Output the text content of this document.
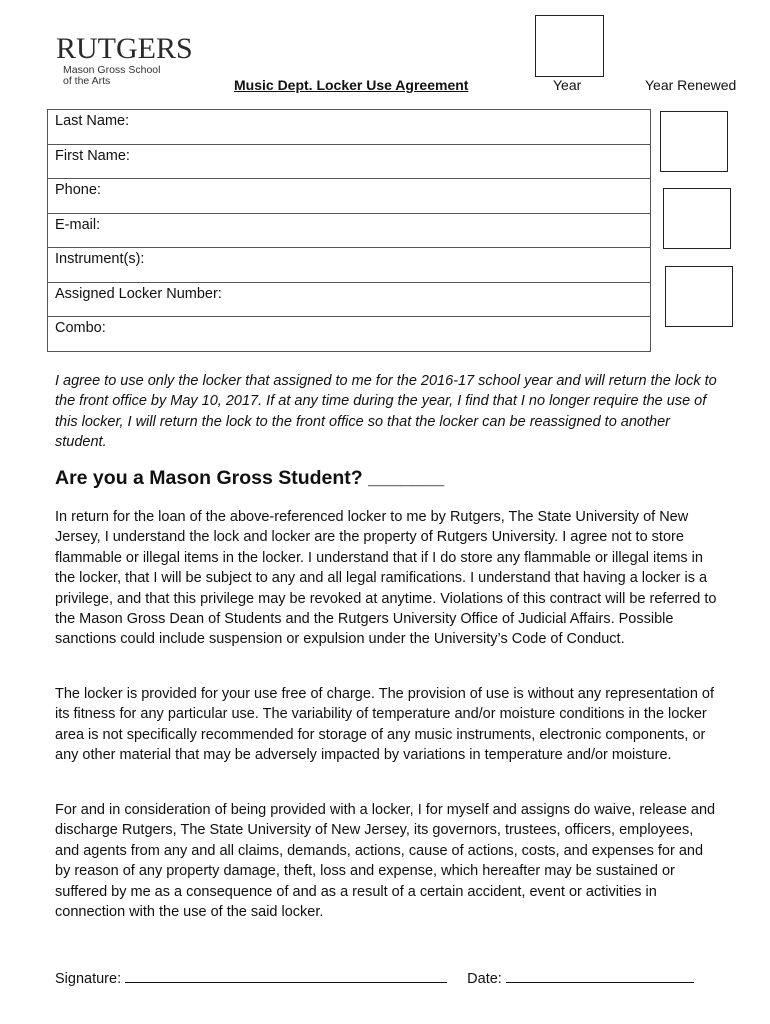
RUTGERS
Mason Gross School
of the Arts	Music Dept. Locker Use Agreement	Year	Year Renewed
Last Name:
First Name:
Phone:
E-mail:
Instrument(s):
Assigned Locker Number:
Combo:
I agree to use only the locker that assigned to me for the 2016-17 school year and will return the lock to the front office by May 10, 2017. If at any time during the year, I find that I no longer require the use of this locker, I will return the lock to the front office so that the locker can be reassigned to another student.
Are you a Mason Gross Student? _______
In return for the loan of the above-referenced locker to me by Rutgers, The State University of New Jersey, I understand the lock and locker are the property of Rutgers University. I agree not to store flammable or illegal items in the locker. I understand that if I do store any flammable or illegal items in the locker, that I will be subject to any and all legal ramifications. I understand that having a locker is a privilege, and that this privilege may be revoked at anytime. Violations of this contract will be referred to the Mason Gross Dean of Students and the Rutgers University Office of Judicial Affairs. Possible sanctions could include suspension or expulsion under the University’s Code of Conduct.
The locker is provided for your use free of charge. The provision of use is without any representation of its fitness for any particular use. The variability of temperature and/or moisture conditions in the locker area is not specifically recommended for storage of any music instruments, electronic components, or any other material that may be adversely impacted by variations in temperature and/or moisture.
For and in consideration of being provided with a locker, I for myself and assigns do waive, release and discharge Rutgers, The State University of New Jersey, its governors, trustees, officers, employees, and agents from any and all claims, demands, actions, cause of actions, costs, and expenses for and by reason of any property damage, theft, loss and expense, which hereafter may be sustained or suffered by me as a consequence of and as a result of a certain accident, event or activities in connection with the use of the said locker.
Signature:	Date:
